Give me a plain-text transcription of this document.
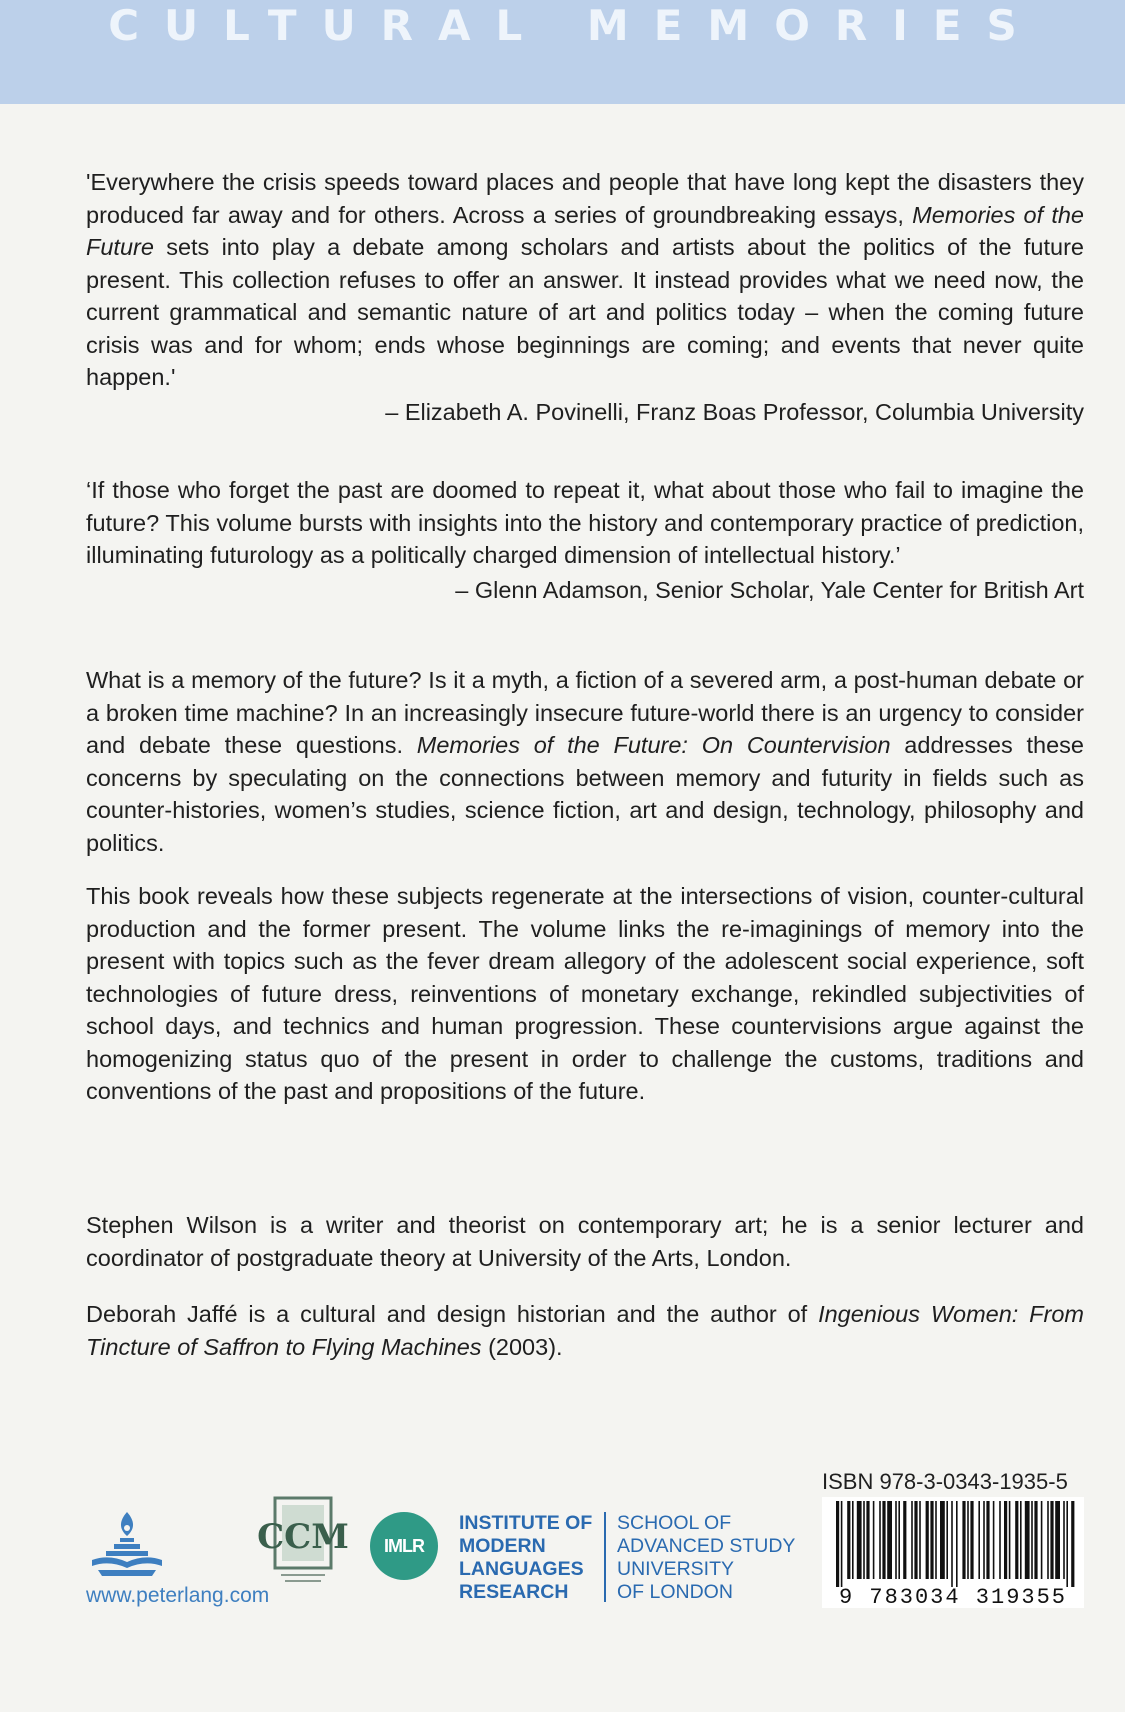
CULTURAL MEMORIES

'Everywhere the crisis speeds toward places and people that have long kept the disasters they produced far away and for others. Across a series of groundbreaking essays, Memories of the Future sets into play a debate among scholars and artists about the politics of the future present. This collection refuses to offer an answer. It instead provides what we need now, the current grammatical and semantic nature of art and politics today – when the coming future crisis was and for whom; ends whose beginnings are coming; and events that never quite happen.'

– Elizabeth A. Povinelli, Franz Boas Professor, Columbia University

‘If those who forget the past are doomed to repeat it, what about those who fail to imagine the future? This volume bursts with insights into the history and contemporary practice of prediction, illuminating futurology as a politically charged dimension of intellectual history.’

– Glenn Adamson, Senior Scholar, Yale Center for British Art

What is a memory of the future? Is it a myth, a fiction of a severed arm, a post-human debate or a broken time machine? In an increasingly insecure future-world there is an urgency to consider and debate these questions. Memories of the Future: On Countervision addresses these concerns by speculating on the connections between memory and futurity in fields such as counter-histories, women’s studies, science fiction, art and design, technology, philosophy and politics.

This book reveals how these subjects regenerate at the intersections of vision, counter-cultural production and the former present. The volume links the re-imaginings of memory into the present with topics such as the fever dream allegory of the adolescent social experience, soft technologies of future dress, reinventions of monetary exchange, rekindled subjectivities of school days, and technics and human progression. These countervisions argue against the homogenizing status quo of the present in order to challenge the customs, traditions and conventions of the past and propositions of the future.

Stephen Wilson is a writer and theorist on contemporary art; he is a senior lecturer and coordinator of postgraduate theory at University of the Arts, London.

Deborah Jaffé is a cultural and design historian and the author of Ingenious Women: From Tincture of Saffron to Flying Machines (2003).

www.peterlang.com
CCM	IMLR
INSTITUTE OF
MODERN
LANGUAGES
RESEARCH
SCHOOL OF
ADVANCED STUDY
UNIVERSITY
OF LONDON
ISBN 978-3-0343-1935-5
9 783034 319355
